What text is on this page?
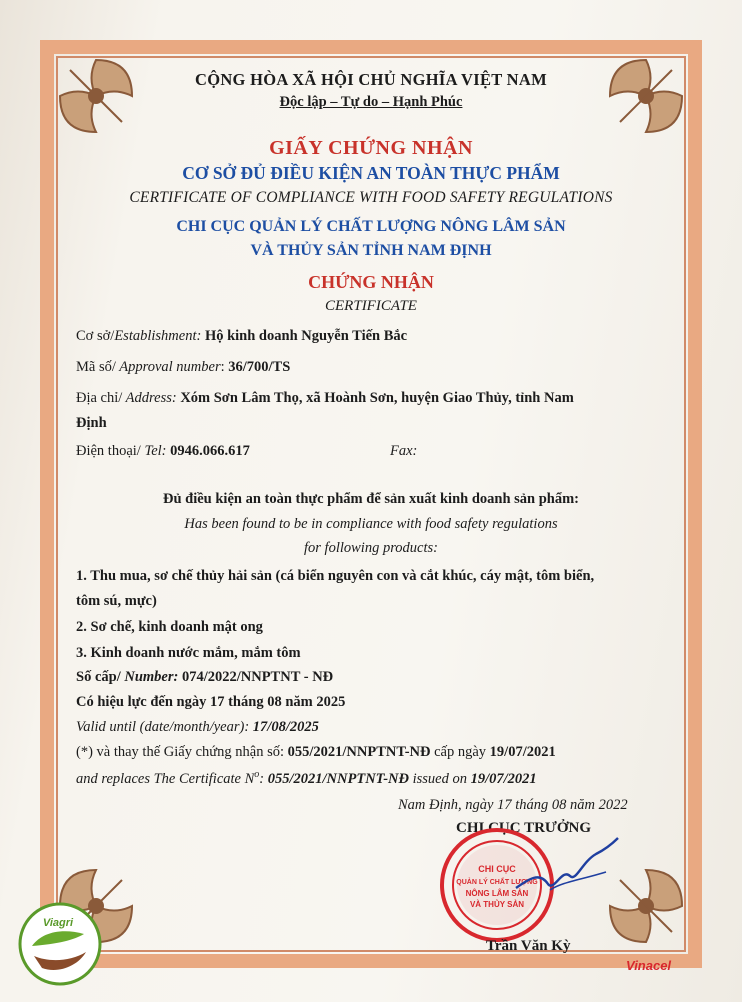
CỘNG HÒA XÃ HỘI CHỦ NGHĨA VIỆT NAM
Độc lập – Tự do – Hạnh Phúc
GIẤY CHỨNG NHẬN
CƠ SỞ ĐỦ ĐIỀU KIỆN AN TOÀN THỰC PHẨM
CERTIFICATE OF COMPLIANCE WITH FOOD SAFETY REGULATIONS
CHI CỤC QUẢN LÝ CHẤT LƯỢNG NÔNG LÂM SẢN
VÀ THỦY SẢN TỈNH NAM ĐỊNH
CHỨNG NHẬN
CERTIFICATE
Cơ sở/Establishment: Hộ kinh doanh Nguyễn Tiến Bắc
Mã số/ Approval number: 36/700/TS
Địa chỉ/ Address: Xóm Sơn Lâm Thọ, xã Hoành Sơn, huyện Giao Thủy, tỉnh Nam
Định
Điện thoại/ Tel: 0946.066.617	Fax:
Đủ điều kiện an toàn thực phẩm để sản xuất kinh doanh sản phẩm:
Has been found to be in compliance with food safety regulations
for following products:
1. Thu mua, sơ chế thủy hải sản (cá biển nguyên con và cắt khúc, cáy mật, tôm biển,
tôm sú, mực)
2. Sơ chế, kinh doanh mật ong
3. Kinh doanh nước mắm, mắm tôm
Số cấp/ Number: 074/2022/NNPTNT - NĐ
Có hiệu lực đến ngày 17 tháng 08 năm 2025
Valid until (date/month/year): 17/08/2025
(*) và thay thế Giấy chứng nhận số: 055/2021/NNPTNT-NĐ cấp ngày 19/07/2021
and replaces The Certificate $N^o$: 055/2021/NNPTNT-NĐ issued on 19/07/2021
Nam Định, ngày 17 tháng 08 năm 2022
CHI CỤC TRƯỞNG
CHI CỤC
QUẢN LÝ CHẤT LƯỢNG
NÔNG LÂM SẢN
VÀ THỦY SẢN
Trần Văn Kỳ
Viagri
Vinacel
